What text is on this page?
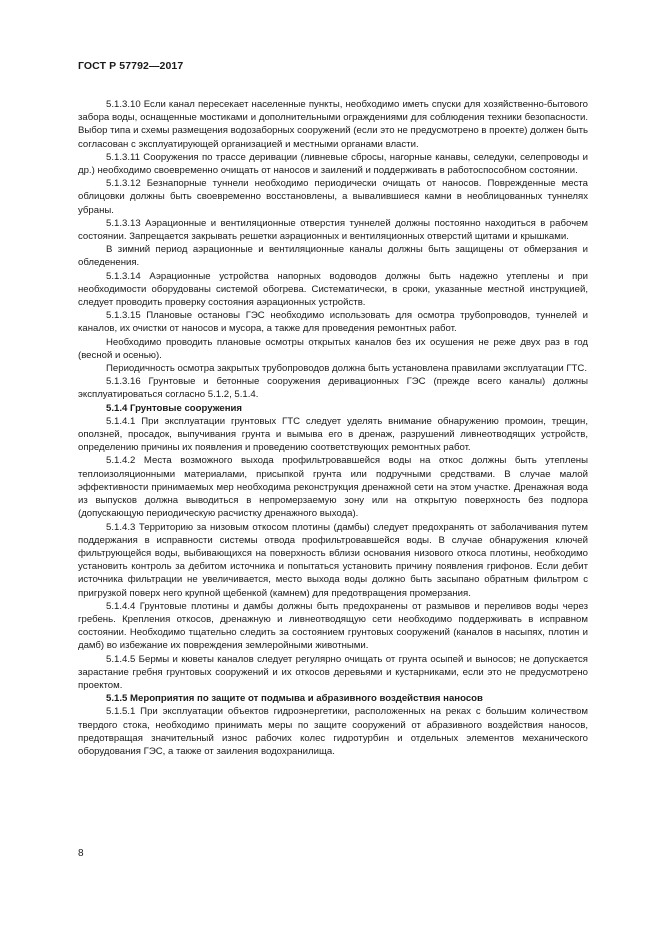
ГОСТ Р 57792—2017

5.1.3.10 Если канал пересекает населенные пункты, необходимо иметь спуски для хозяйственно-бытового забора воды, оснащенные мостиками и дополнительными ограждениями для соблюдения техники безопасности. Выбор типа и схемы размещения водозаборных сооружений (если это не предусмотрено в проекте) должен быть согласован с эксплуатирующей организацией и местными органами власти.

5.1.3.11 Сооружения по трассе деривации (ливневые сбросы, нагорные канавы, селедуки, селепроводы и др.) необходимо своевременно очищать от наносов и заилений и поддерживать в работоспособном состоянии.

5.1.3.12 Безнапорные туннели необходимо периодически очищать от наносов. Поврежденные места облицовки должны быть своевременно восстановлены, а вывалившиеся камни в необлицованных туннелях убраны.

5.1.3.13 Аэрационные и вентиляционные отверстия туннелей должны постоянно находиться в рабочем состоянии. Запрещается закрывать решетки аэрационных и вентиляционных отверстий щитами и крышками.

В зимний период аэрационные и вентиляционные каналы должны быть защищены от обмерзания и обледенения.

5.1.3.14 Аэрационные устройства напорных водоводов должны быть надежно утеплены и при необходимости оборудованы системой обогрева. Систематически, в сроки, указанные местной инструкцией, следует проводить проверку состояния аэрационных устройств.

5.1.3.15 Плановые остановы ГЭС необходимо использовать для осмотра трубопроводов, туннелей и каналов, их очистки от наносов и мусора, а также для проведения ремонтных работ.

Необходимо проводить плановые осмотры открытых каналов без их осушения не реже двух раз в год (весной и осенью).

Периодичность осмотра закрытых трубопроводов должна быть установлена правилами эксплуатации ГТС.

5.1.3.16 Грунтовые и бетонные сооружения деривационных ГЭС (прежде всего каналы) должны эксплуатироваться согласно 5.1.2, 5.1.4.

5.1.4 Грунтовые сооружения

5.1.4.1 При эксплуатации грунтовых ГТС следует уделять внимание обнаружению промоин, трещин, оползней, просадок, выпучивания грунта и вымыва его в дренаж, разрушений ливнеотводящих устройств, определению причины их появления и проведению соответствующих ремонтных работ.

5.1.4.2 Места возможного выхода профильтровавшейся воды на откос должны быть утеплены теплоизоляционными материалами, присыпкой грунта или подручными средствами. В случае малой эффективности принимаемых мер необходима реконструкция дренажной сети на этом участке. Дренажная вода из выпусков должна выводиться в непромерзаемую зону или на открытую поверхность без подпора (допускающую периодическую расчистку дренажного выхода).

5.1.4.3 Территорию за низовым откосом плотины (дамбы) следует предохранять от заболачивания путем поддержания в исправности системы отвода профильтровавшейся воды. В случае обнаружения ключей фильтрующейся воды, выбивающихся на поверхность вблизи основания низового откоса плотины, необходимо установить контроль за дебитом источника и попытаться установить причину появления грифонов. Если дебит источника фильтрации не увеличивается, место выхода воды должно быть засыпано обратным фильтром с пригрузкой поверх него крупной щебенкой (камнем) для предотвращения промерзания.

5.1.4.4 Грунтовые плотины и дамбы должны быть предохранены от размывов и переливов воды через гребень. Крепления откосов, дренажную и ливнеотводящую сети необходимо поддерживать в исправном состоянии. Необходимо тщательно следить за состоянием грунтовых сооружений (каналов в насыпях, плотин и дамб) во избежание их повреждения землеройными животными.

5.1.4.5 Бермы и кюветы каналов следует регулярно очищать от грунта осыпей и выносов; не допускается зарастание гребня грунтовых сооружений и их откосов деревьями и кустарниками, если это не предусмотрено проектом.

5.1.5 Мероприятия по защите от подмыва и абразивного воздействия наносов

5.1.5.1 При эксплуатации объектов гидроэнергетики, расположенных на реках с большим количеством твердого стока, необходимо принимать меры по защите сооружений от абразивного воздействия наносов, предотвращая значительный износ рабочих колес гидротурбин и отдельных элементов механического оборудования ГЭС, а также от заиления водохранилища.

8
